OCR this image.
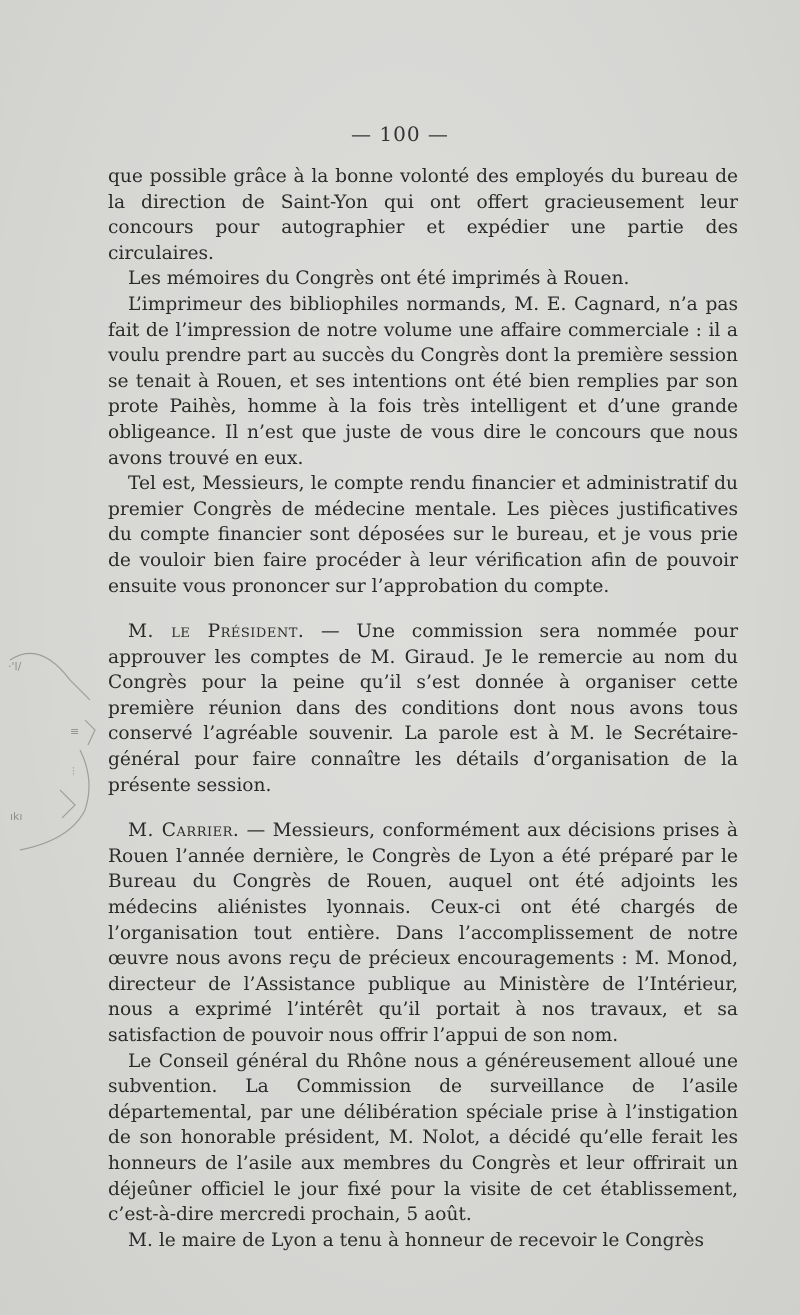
·'l/
≡
⫶
ıkı
— 100 —

que possible grâce à la bonne volonté des employés du bureau de la direction de Saint-Yon qui ont offert gracieusement leur concours pour autographier et expédier une partie des circulaires.

Les mémoires du Congrès ont été imprimés à Rouen.

L’imprimeur des bibliophiles normands, M. E. Cagnard, n’a pas fait de l’impression de notre volume une affaire commerciale : il a voulu prendre part au succès du Congrès dont la première session se tenait à Rouen, et ses intentions ont été bien remplies par son prote Paihès, homme à la fois très intelligent et d’une grande obligeance. Il n’est que juste de vous dire le concours que nous avons trouvé en eux.

Tel est, Messieurs, le compte rendu financier et administratif du premier Congrès de médecine mentale. Les pièces justificatives du compte financier sont déposées sur le bureau, et je vous prie de vouloir bien faire procéder à leur vérification afin de pouvoir ensuite vous prononcer sur l’approbation du compte.

M. le Président. — Une commission sera nommée pour approuver les comptes de M. Giraud. Je le remercie au nom du Congrès pour la peine qu’il s’est donnée à organiser cette première réunion dans des conditions dont nous avons tous conservé l’agréable souvenir. La parole est à M. le Secrétaire-général pour faire connaître les détails d’organisation de la présente session.

M. Carrier. — Messieurs, conformément aux décisions prises à Rouen l’année dernière, le Congrès de Lyon a été préparé par le Bureau du Congrès de Rouen, auquel ont été adjoints les médecins aliénistes lyonnais. Ceux-ci ont été chargés de l’organisation tout entière. Dans l’accomplissement de notre œuvre nous avons reçu de précieux encouragements : M. Monod, directeur de l’Assistance publique au Ministère de l’Intérieur, nous a exprimé l’intérêt qu’il portait à nos travaux, et sa satisfaction de pouvoir nous offrir l’appui de son nom.

Le Conseil général du Rhône nous a généreusement alloué une subvention. La Commission de surveillance de l’asile départemental, par une délibération spéciale prise à l’instigation de son honorable président, M. Nolot, a décidé qu’elle ferait les honneurs de l’asile aux membres du Congrès et leur offrirait un déjeûner officiel le jour fixé pour la visite de cet établissement, c’est-à-dire mercredi prochain, 5 août.

M. le maire de Lyon a tenu à honneur de recevoir le Congrès
